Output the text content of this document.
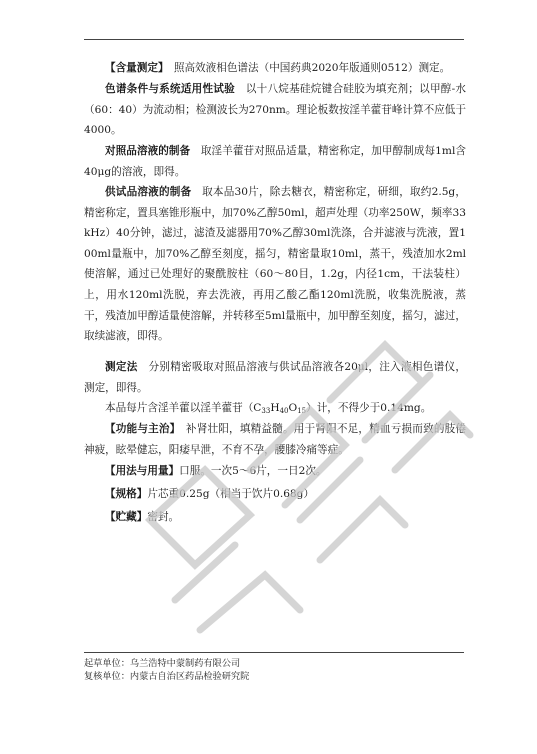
【含量测定】　照高效液相色谱法（中国药典2020年版通则0512）测定。
色谱条件与系统适用性试验　以十八烷基硅烷键合硅胶为填充剂；以甲醇-水（60：40）为流动相；检测波长为270nm。理论板数按淫羊藿苷峰计算不应低于4000。
对照品溶液的制备　取淫羊藿苷对照品适量，精密称定，加甲醇制成每1ml含40μg的溶液，即得。
供试品溶液的制备　取本品30片，除去糖衣，精密称定，研细，取约2.5g，精密称定，置具塞锥形瓶中，加70%乙醇50ml，超声处理（功率250W，频率33kHz）40分钟，滤过，滤渣及滤器用70%乙醇30ml洗涤，合并滤液与洗液，置100ml量瓶中，加70%乙醇至刻度，摇匀，精密量取10ml，蒸干，残渣加水2ml使溶解，通过已处理好的聚酰胺柱（60～80目，1.2g，内径1cm，干法装柱）上，用水120ml洗脱，弃去洗液，再用乙酸乙酯120ml洗脱，收集洗脱液，蒸干，残渣加甲醇适量使溶解，并转移至5ml量瓶中，加甲醇至刻度，摇匀，滤过，取续滤液，即得。
测定法　分别精密吸取对照品溶液与供试品溶液各20μl，注入液相色谱仪，测定，即得。
本品每片含淫羊藿以淫羊藿苷$(C_{33}H_{40}O_{15})$计，不得少于0.14mg。
【功能与主治】　补肾壮阳，填精益髓。用于肾阳不足，精血亏损而致的肢倦神疲，眩晕健忘，阳痿早泄，不育不孕，腰膝冷痛等症。
【用法与用量】口服。一次5～6片，一日2次。
【规格】片芯重0.25g（相当于饮片0.68g）
【贮藏】密封。
起草单位：乌兰浩特中蒙制药有限公司
复核单位：内蒙古自治区药品检验研究院
